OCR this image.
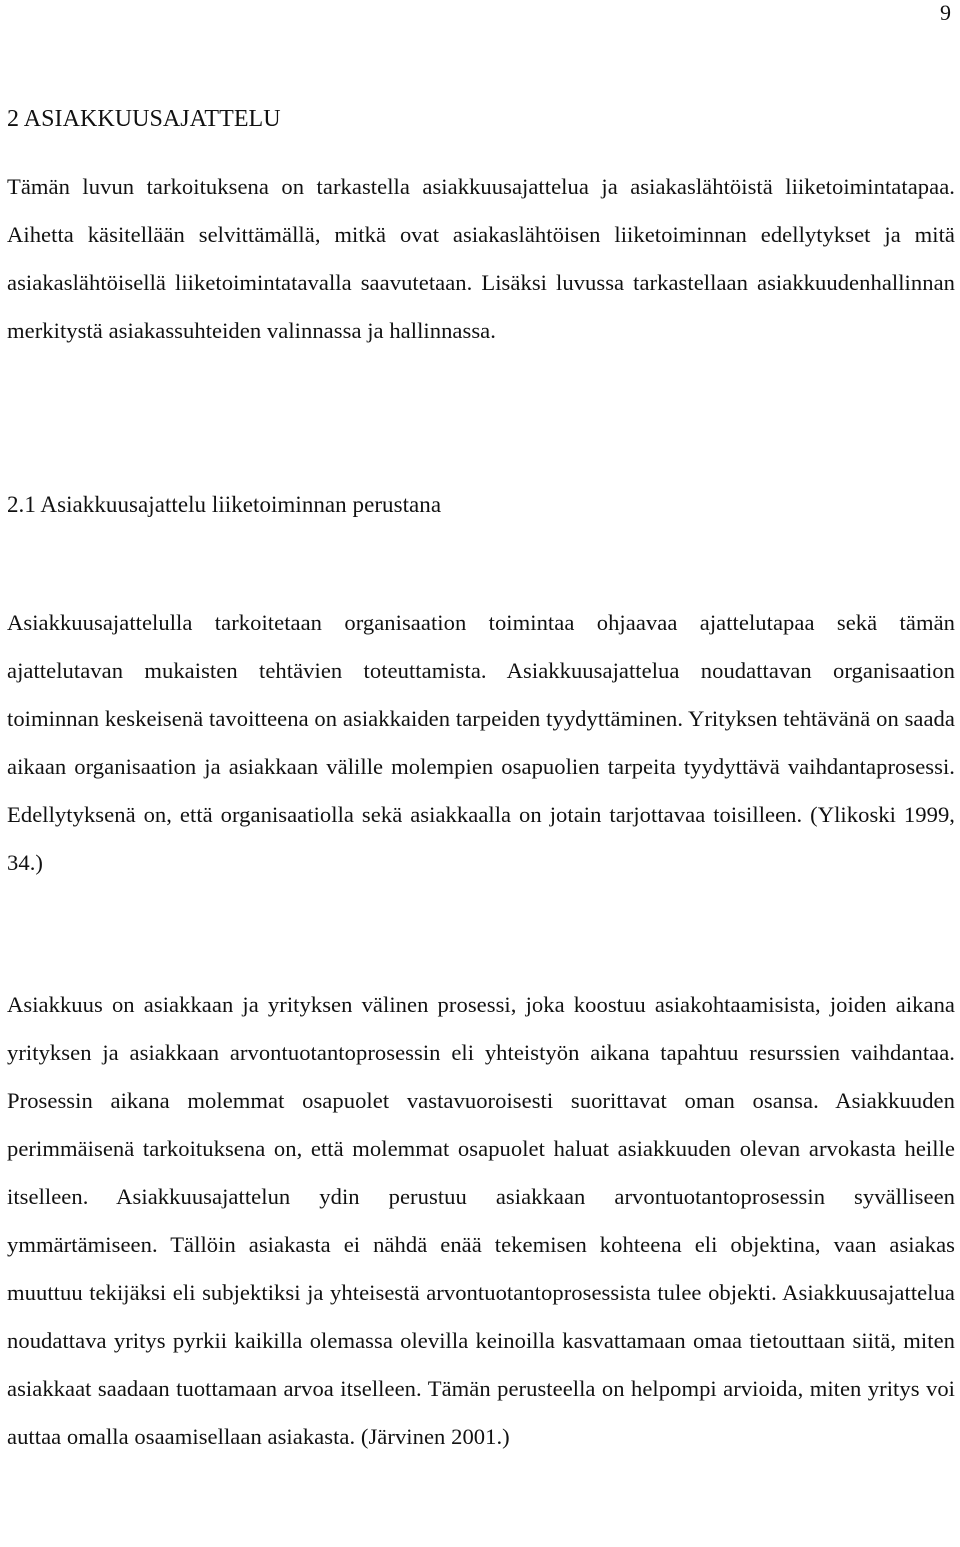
9
2 ASIAKKUUSAJATTELU

Tämän luvun tarkoituksena on tarkastella asiakkuusajattelua ja asiakaslähtöistä liiketoimintatapaa. Aihetta käsitellään selvittämällä, mitkä ovat asiakaslähtöisen liiketoiminnan edellytykset ja mitä asiakaslähtöisellä liiketoimintatavalla saavutetaan. Lisäksi luvussa tarkastellaan asiakkuudenhallinnan merkitystä asiakassuhteiden valinnassa ja hallinnassa.

2.1 Asiakkuusajattelu liiketoiminnan perustana

Asiakkuusajattelulla tarkoitetaan organisaation toimintaa ohjaavaa ajattelutapaa sekä tämän ajattelutavan mukaisten tehtävien toteuttamista. Asiakkuusajattelua noudattavan organisaation toiminnan keskeisenä tavoitteena on asiakkaiden tarpeiden tyydyttäminen. Yrityksen tehtävänä on saada aikaan organisaation ja asiakkaan välille molempien osapuolien tarpeita tyydyttävä vaihdantaprosessi. Edellytyksenä on, että organisaatiolla sekä asiakkaalla on jotain tarjottavaa toisilleen. (Ylikoski 1999, 34.)

Asiakkuus on asiakkaan ja yrityksen välinen prosessi, joka koostuu asiakohtaamisista, joiden aikana yrityksen ja asiakkaan arvontuotantoprosessin eli yhteistyön aikana tapahtuu resurssien vaihdantaa. Prosessin aikana molemmat osapuolet vastavuoroisesti suorittavat oman osansa. Asiakkuuden perimmäisenä tarkoituksena on, että molemmat osapuolet haluat asiakkuuden olevan arvokasta heille itselleen. Asiakkuusajattelun ydin perustuu asiakkaan arvontuotantoprosessin syvälliseen ymmärtämiseen. Tällöin asiakasta ei nähdä enää tekemisen kohteena eli objektina, vaan asiakas muuttuu tekijäksi eli subjektiksi ja yhteisestä arvontuotantoprosessista tulee objekti. Asiakkuusajattelua noudattava yritys pyrkii kaikilla olemassa olevilla keinoilla kasvattamaan omaa tietouttaan siitä, miten asiakkaat saadaan tuottamaan arvoa itselleen. Tämän perusteella on helpompi arvioida, miten yritys voi auttaa omalla osaamisellaan asiakasta. (Järvinen 2001.)
